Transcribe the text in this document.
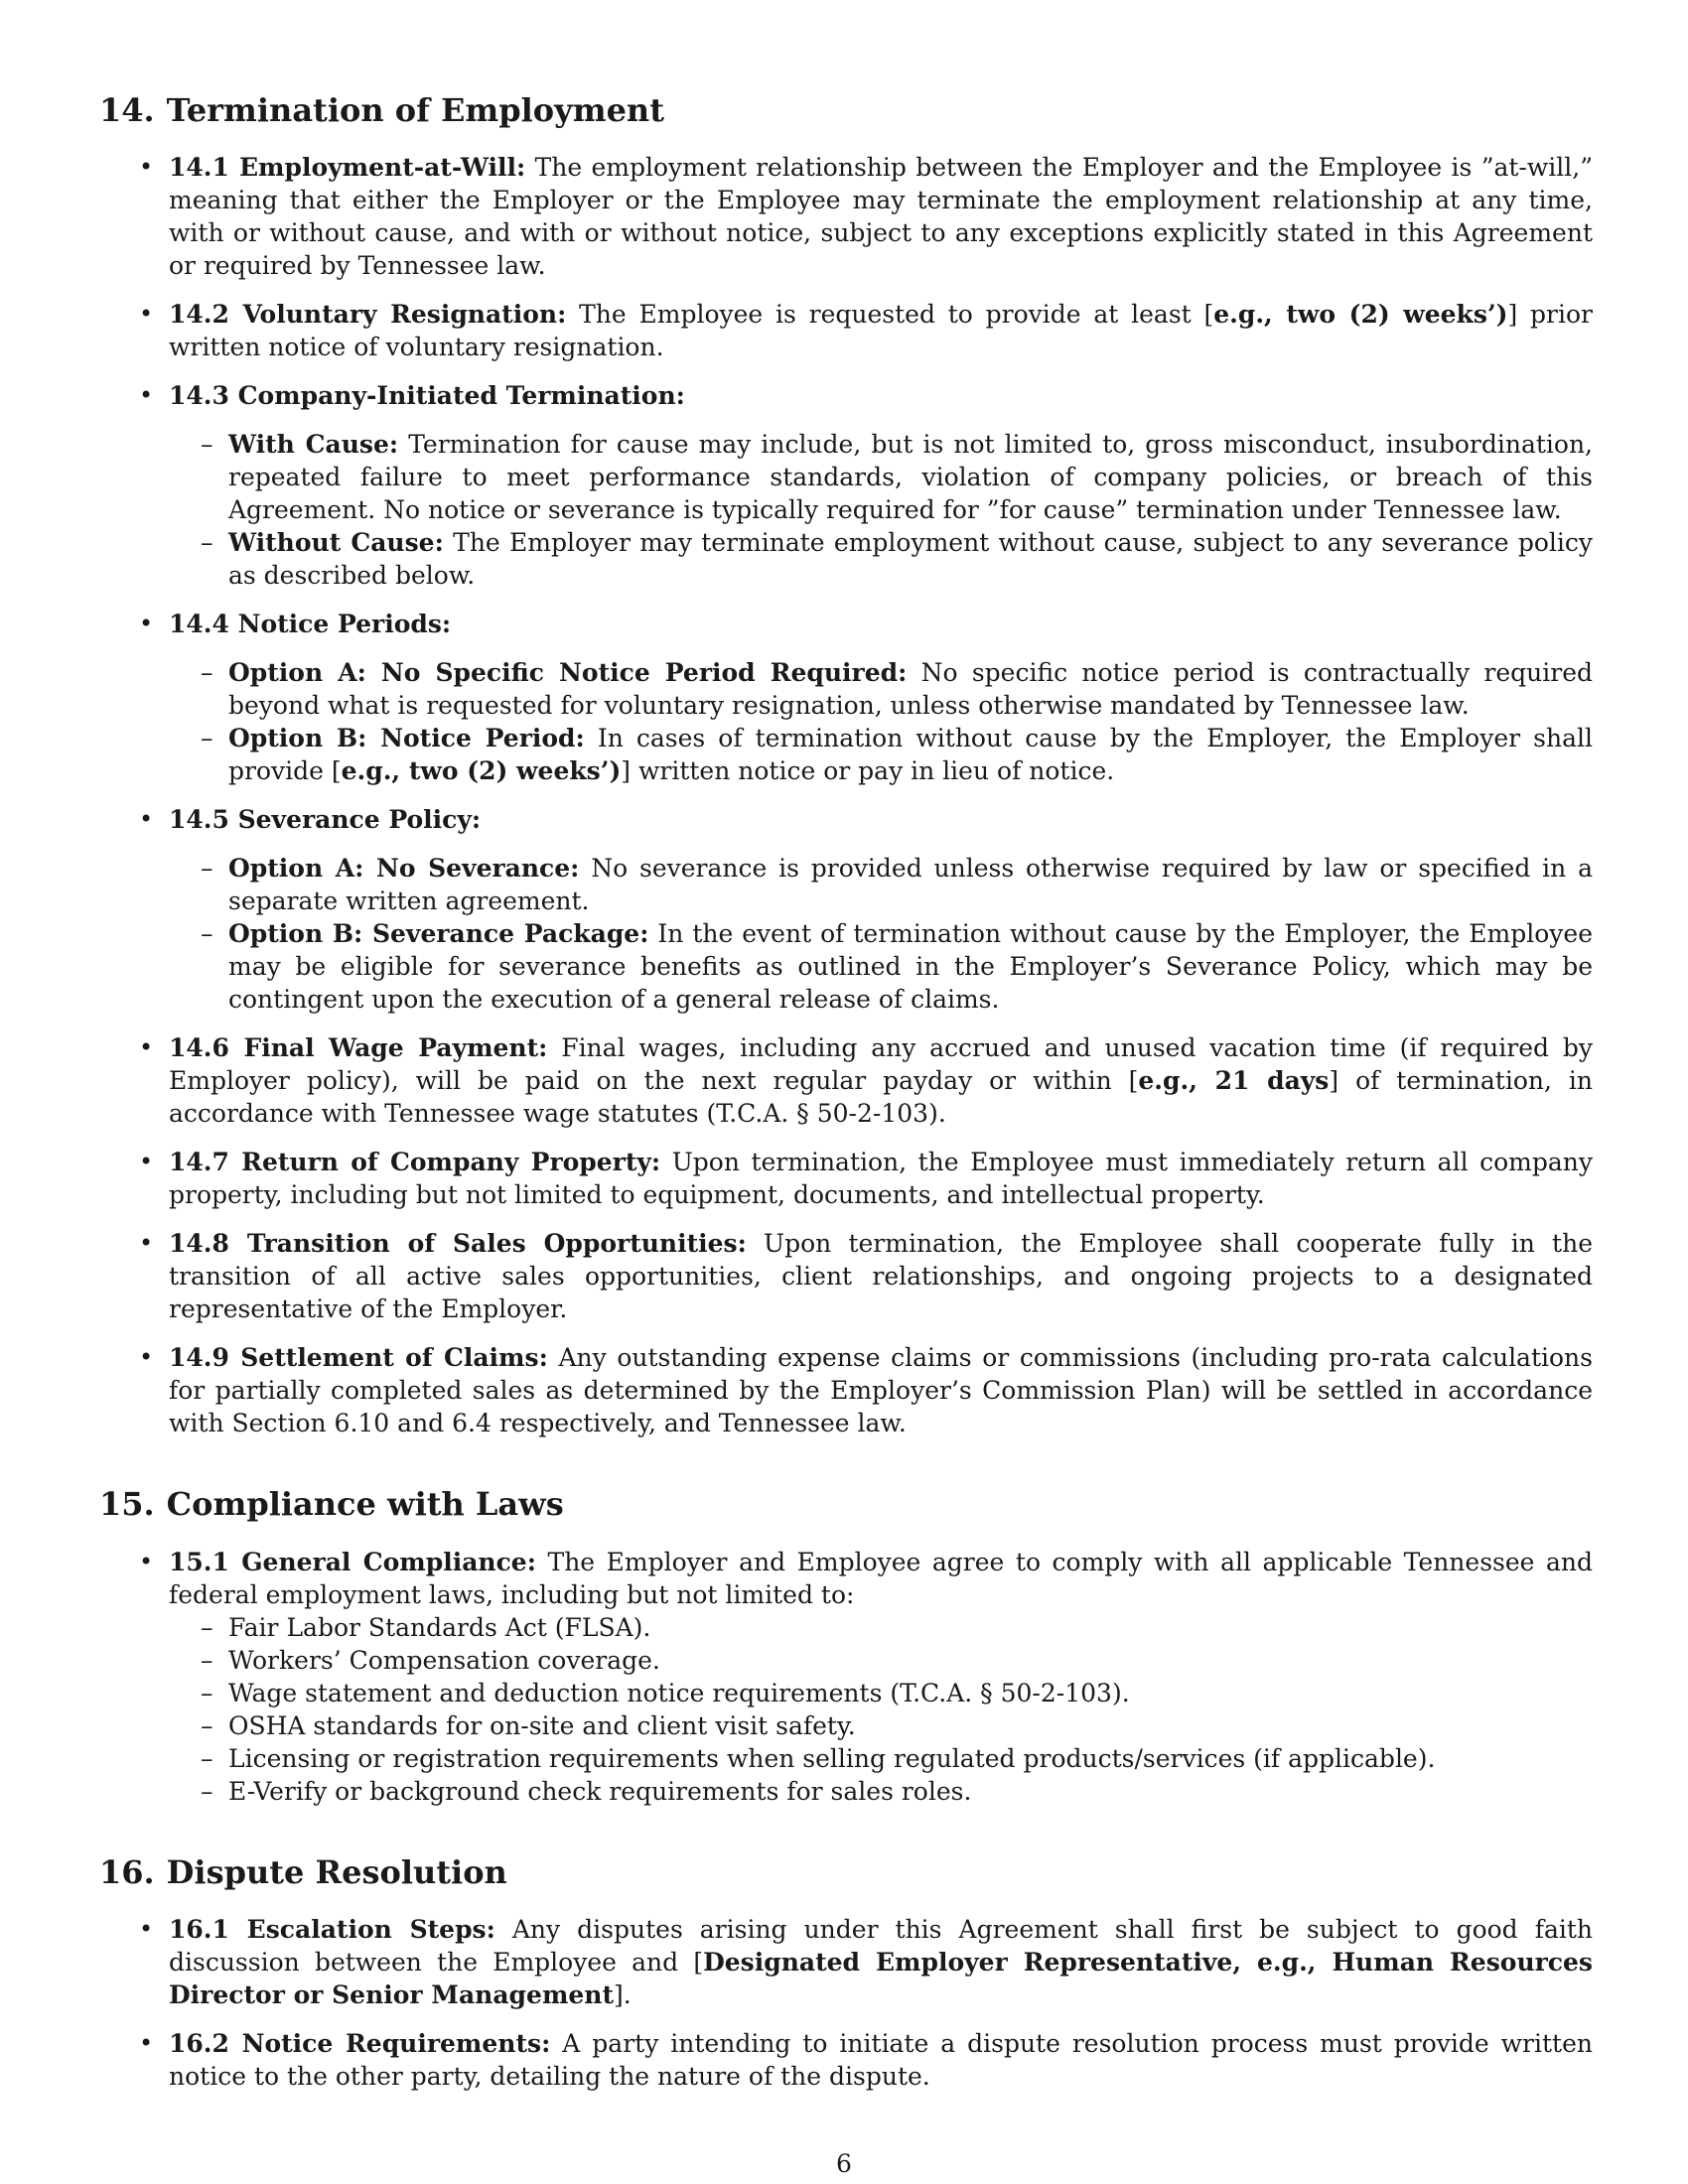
14. Termination of Employment
• 14.1 Employment-at-Will: The employment relationship between the Employer and the Employee is ”at-will,” meaning that either the Employer or the Employee may terminate the employment relationship at any time, with or without cause, and with or without notice, subject to any exceptions explicitly stated in this Agreement or required by Tennessee law.
• 14.2 Voluntary Resignation: The Employee is requested to provide at least [e.g., two (2) weeks’)] prior written notice of voluntary resignation.
• 14.3 Company-Initiated Termination:
– With Cause: Termination for cause may include, but is not limited to, gross misconduct, insubordination, repeated failure to meet performance standards, violation of company policies, or breach of this Agreement. No notice or severance is typically required for ”for cause” termination under Tennessee law.
– Without Cause: The Employer may terminate employment without cause, subject to any severance policy as described below.
• 14.4 Notice Periods:
– Option A: No Specific Notice Period Required: No specific notice period is contractually required beyond what is requested for voluntary resignation, unless otherwise mandated by Tennessee law.
– Option B: Notice Period: In cases of termination without cause by the Employer, the Employer shall provide [e.g., two (2) weeks’)] written notice or pay in lieu of notice.
• 14.5 Severance Policy:
– Option A: No Severance: No severance is provided unless otherwise required by law or specified in a separate written agreement.
– Option B: Severance Package: In the event of termination without cause by the Employer, the Employee may be eligible for severance benefits as outlined in the Employer’s Severance Policy, which may be contingent upon the execution of a general release of claims.
• 14.6 Final Wage Payment: Final wages, including any accrued and unused vacation time (if required by Employer policy), will be paid on the next regular payday or within [e.g., 21 days] of termination, in accordance with Tennessee wage statutes (T.C.A. § 50-2-103).
• 14.7 Return of Company Property: Upon termination, the Employee must immediately return all company property, including but not limited to equipment, documents, and intellectual property.
• 14.8 Transition of Sales Opportunities: Upon termination, the Employee shall cooperate fully in the transition of all active sales opportunities, client relationships, and ongoing projects to a designated representative of the Employer.
• 14.9 Settlement of Claims: Any outstanding expense claims or commissions (including pro-rata calculations for partially completed sales as determined by the Employer’s Commission Plan) will be settled in accordance with Section 6.10 and 6.4 respectively, and Tennessee law.
15. Compliance with Laws
• 15.1 General Compliance: The Employer and Employee agree to comply with all applicable Tennessee and federal employment laws, including but not limited to:
– Fair Labor Standards Act (FLSA).
– Workers’ Compensation coverage.
– Wage statement and deduction notice requirements (T.C.A. § 50-2-103).
– OSHA standards for on-site and client visit safety.
– Licensing or registration requirements when selling regulated products/services (if applicable).
– E-Verify or background check requirements for sales roles.
16. Dispute Resolution
• 16.1 Escalation Steps: Any disputes arising under this Agreement shall first be subject to good faith discussion between the Employee and [Designated Employer Representative, e.g., Human Resources Director or Senior Management].
• 16.2 Notice Requirements: A party intending to initiate a dispute resolution process must provide written notice to the other party, detailing the nature of the dispute.
6
